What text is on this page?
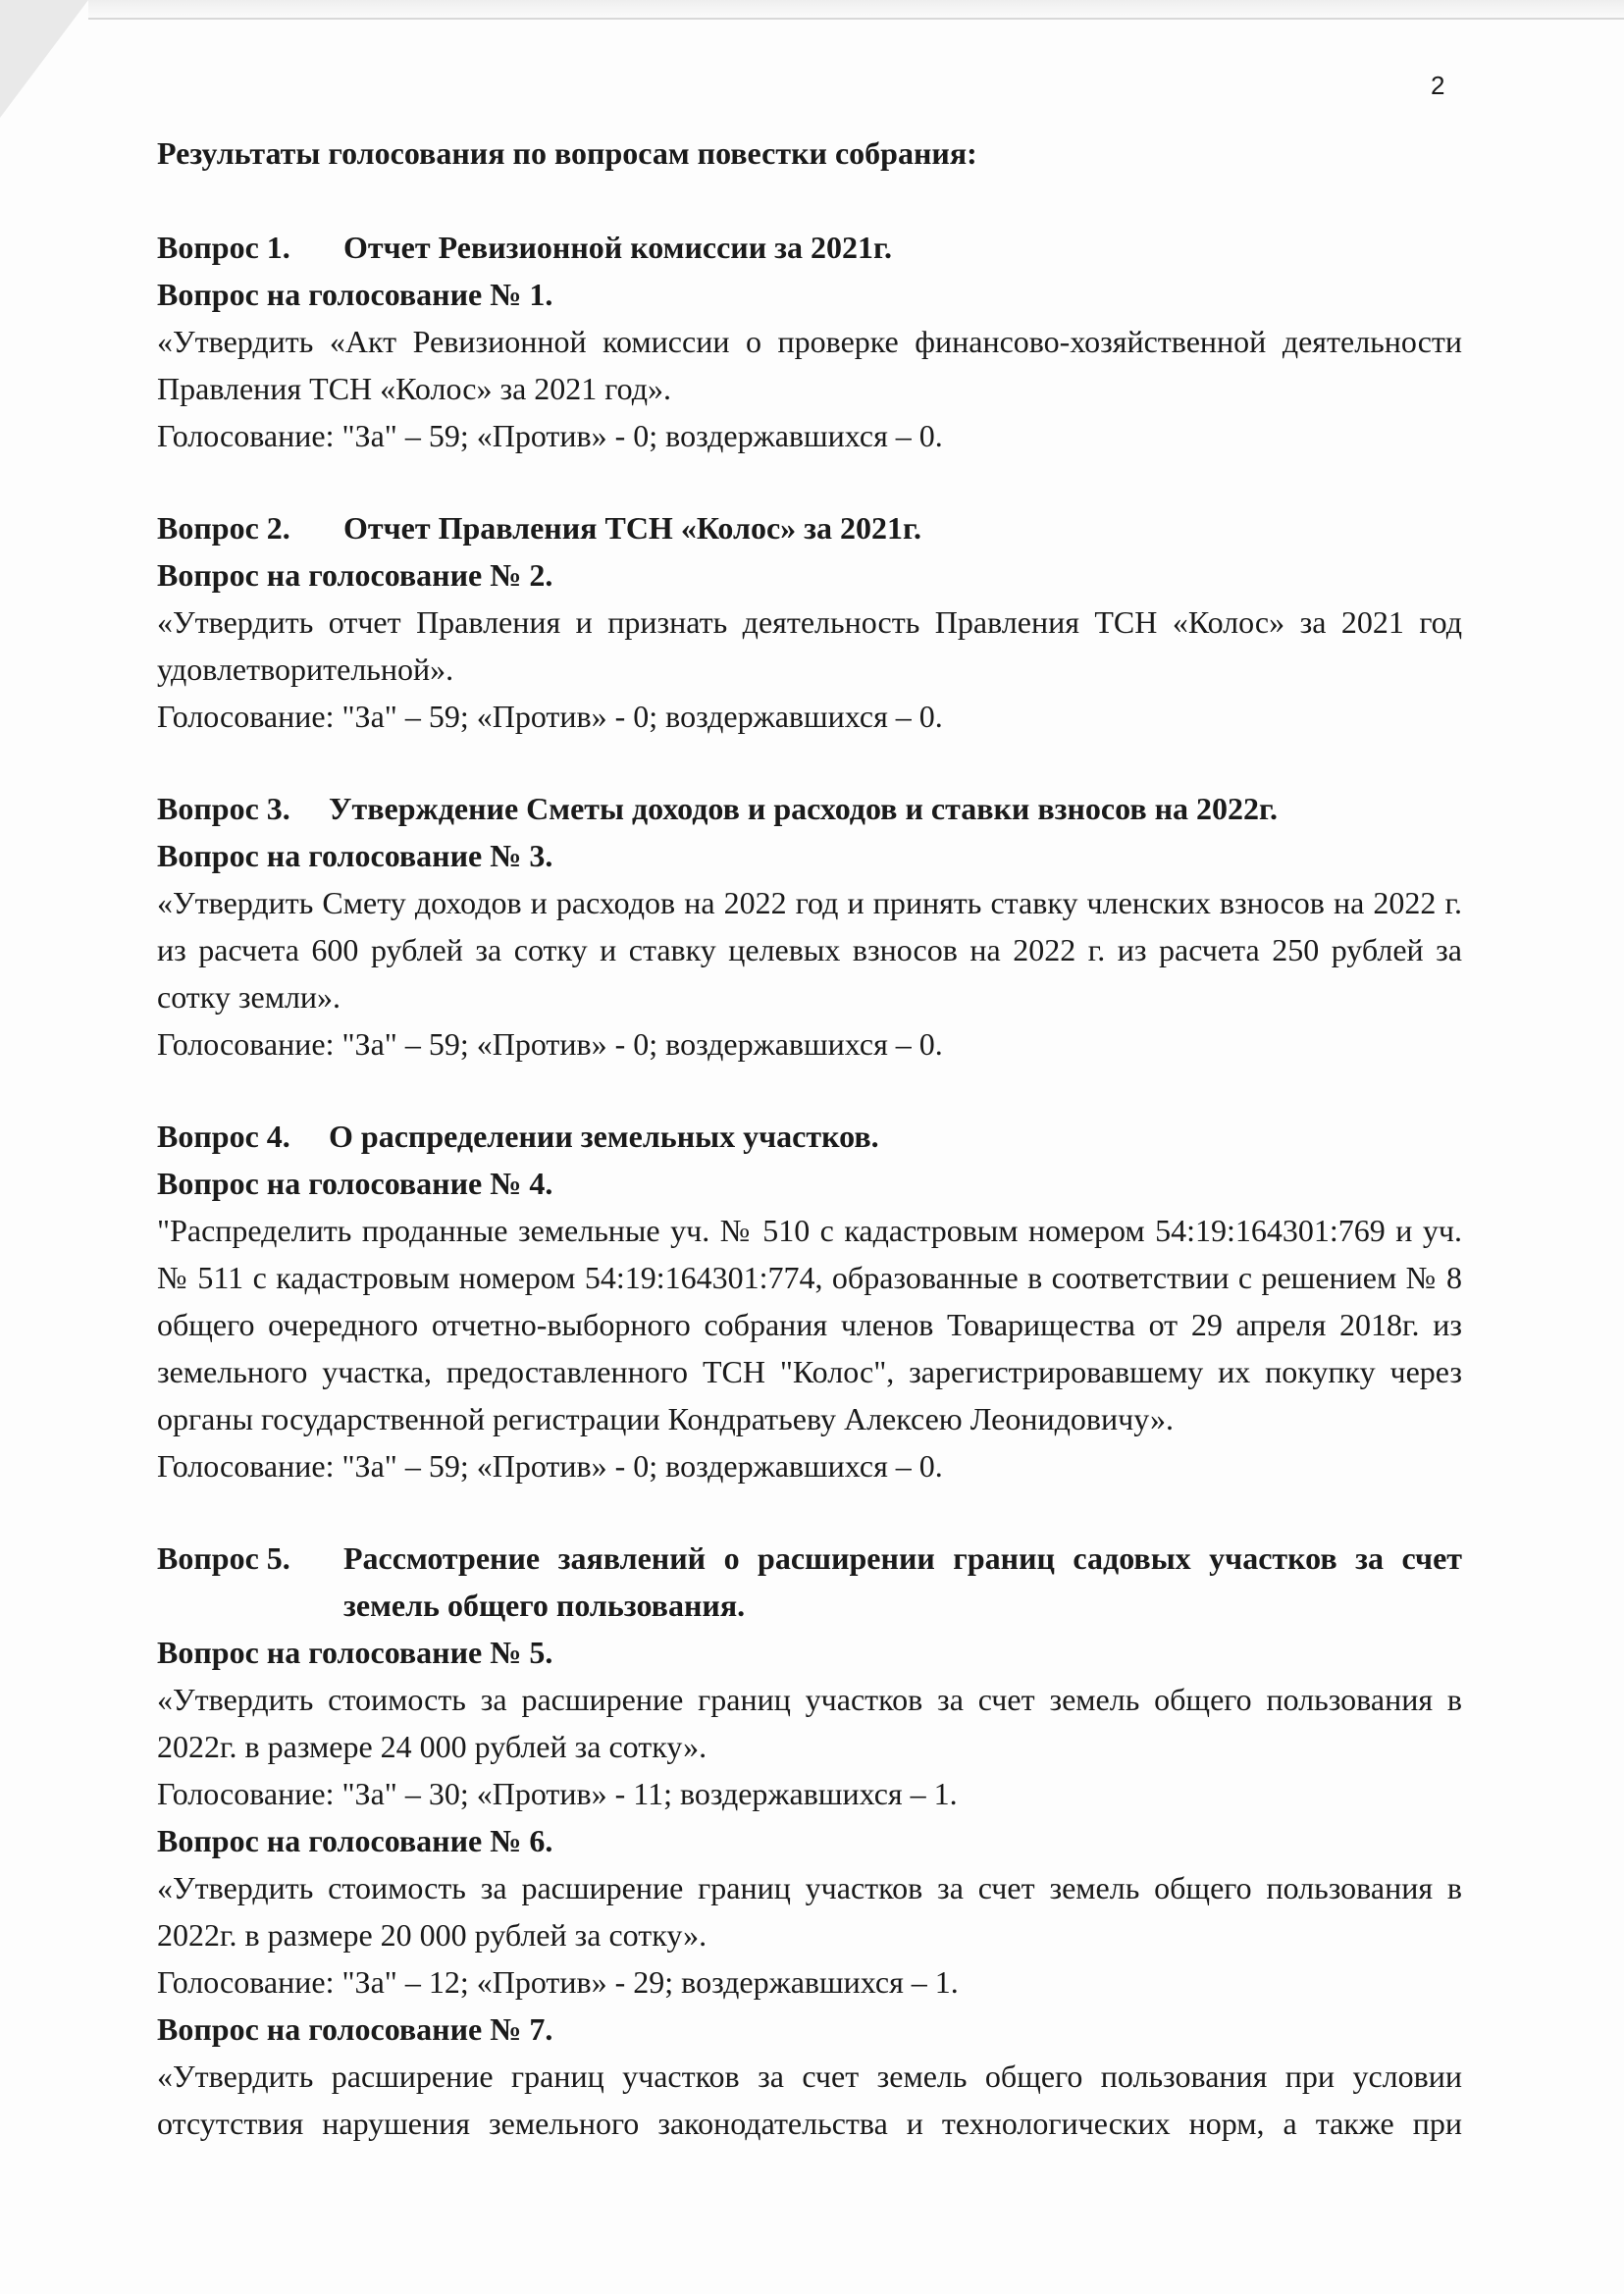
2
Результаты голосования по вопросам повестки собрания:
Вопрос 1.	Отчет Ревизионной комиссии за 2021г.
Вопрос на голосование № 1.
«Утвердить «Акт Ревизионной комиссии о проверке финансово-хозяйственной деятельности Правления ТСН «Колос» за 2021 год».
Голосование: "За" – 59; «Против» - 0; воздержавшихся – 0.
Вопрос 2.	Отчет Правления ТСН «Колос» за 2021г.
Вопрос на голосование № 2.
«Утвердить отчет Правления и признать деятельность Правления ТСН «Колос» за 2021 год удовлетворительной».
Голосование: "За" – 59; «Против» - 0; воздержавшихся – 0.
Вопрос 3.	Утверждение Сметы доходов и расходов и ставки взносов на 2022г.
Вопрос на голосование № 3.
«Утвердить Смету доходов и расходов на 2022 год и принять ставку членских взносов на 2022 г. из расчета 600 рублей за сотку и ставку целевых взносов на 2022 г. из расчета 250 рублей за сотку земли».
Голосование: "За" – 59; «Против» - 0; воздержавшихся – 0.
Вопрос 4.	О распределении земельных участков.
Вопрос на голосование № 4.
"Распределить проданные земельные уч. № 510 с кадастровым номером 54:19:164301:769 и уч. № 511 с кадастровым номером 54:19:164301:774, образованные в соответствии с решением № 8 общего очередного отчетно-выборного собрания членов Товарищества от 29 апреля 2018г. из земельного участка, предоставленного ТСН "Колос", зарегистрировавшему их покупку через органы государственной регистрации Кондратьеву Алексею Леонидовичу».
Голосование: "За" – 59; «Против» - 0; воздержавшихся – 0.
Вопрос 5.	Рассмотрение заявлений о расширении границ садовых участков за счет земель общего пользования.
Вопрос на голосование № 5.
«Утвердить стоимость за расширение границ участков за счет земель общего пользования в 2022г. в размере 24 000 рублей за сотку».
Голосование: "За" – 30; «Против» - 11; воздержавшихся – 1.
Вопрос на голосование № 6.
«Утвердить стоимость за расширение границ участков за счет земель общего пользования в 2022г. в размере 20 000 рублей за сотку».
Голосование: "За" – 12; «Против» - 29; воздержавшихся – 1.
Вопрос на голосование № 7.
«Утвердить расширение границ участков за счет земель общего пользования при условии отсутствия нарушения земельного законодательства и технологических норм, а также при
